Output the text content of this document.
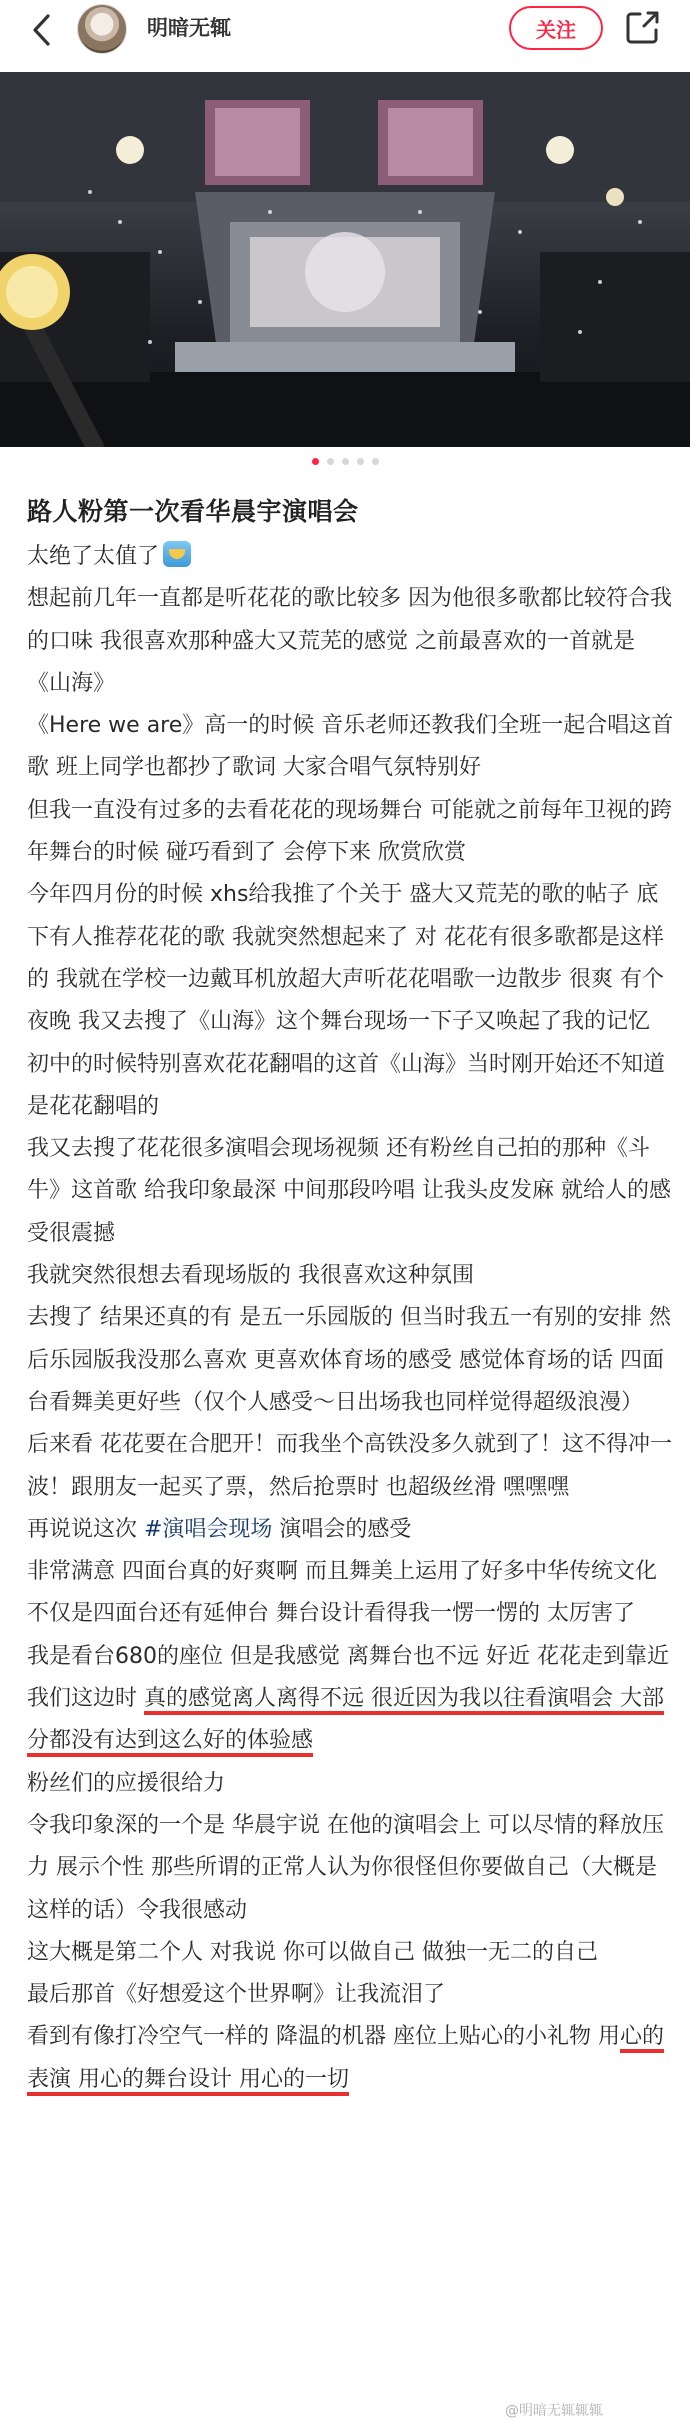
明暗无辄	关注
路人粉第一次看华晨宇演唱会

太绝了太值了

想起前几年一直都是听花花的歌比较多 因为他很多歌都比较符合我的口味 我很喜欢那种盛大又荒芜的感觉 之前最喜欢的一首就是《山海》

《Here we are》高一的时候 音乐老师还教我们全班一起合唱这首歌 班上同学也都抄了歌词 大家合唱气氛特别好

但我一直没有过多的去看花花的现场舞台 可能就之前每年卫视的跨年舞台的时候 碰巧看到了 会停下来 欣赏欣赏

今年四月份的时候 xhs给我推了个关于 盛大又荒芜的歌的帖子 底下有人推荐花花的歌 我就突然想起来了 对 花花有很多歌都是这样的 我就在学校一边戴耳机放超大声听花花唱歌一边散步 很爽 有个夜晚 我又去搜了《山海》这个舞台现场一下子又唤起了我的记忆 初中的时候特别喜欢花花翻唱的这首《山海》当时刚开始还不知道是花花翻唱的

我又去搜了花花很多演唱会现场视频 还有粉丝自己拍的那种《斗牛》这首歌 给我印象最深 中间那段吟唱 让我头皮发麻 就给人的感受很震撼

我就突然很想去看现场版的 我很喜欢这种氛围

去搜了 结果还真的有 是五一乐园版的 但当时我五一有别的安排 然后乐园版我没那么喜欢 更喜欢体育场的感受 感觉体育场的话 四面台看舞美更好些（仅个人感受～日出场我也同样觉得超级浪漫）

后来看 花花要在合肥开！而我坐个高铁没多久就到了！这不得冲一波！跟朋友一起买了票，然后抢票时 也超级丝滑 嘿嘿嘿

再说说这次 #演唱会现场 演唱会的感受

非常满意 四面台真的好爽啊 而且舞美上运用了好多中华传统文化 不仅是四面台还有延伸台 舞台设计看得我一愣一愣的 太厉害了

我是看台680的座位 但是我感觉 离舞台也不远 好近 花花走到靠近我们这边时 真的感觉离人离得不远 很近因为我以往看演唱会 大部分都没有达到这么好的体验感

粉丝们的应援很给力

令我印象深的一个是 华晨宇说 在他的演唱会上 可以尽情的释放压力 展示个性 那些所谓的正常人认为你很怪但你要做自己（大概是这样的话）令我很感动

这大概是第二个人 对我说 你可以做自己 做独一无二的自己

最后那首《好想爱这个世界啊》让我流泪了

看到有像打冷空气一样的 降温的机器 座位上贴心的小礼物 用心的表演 用心的舞台设计 用心的一切

@明暗无辄辄辄
